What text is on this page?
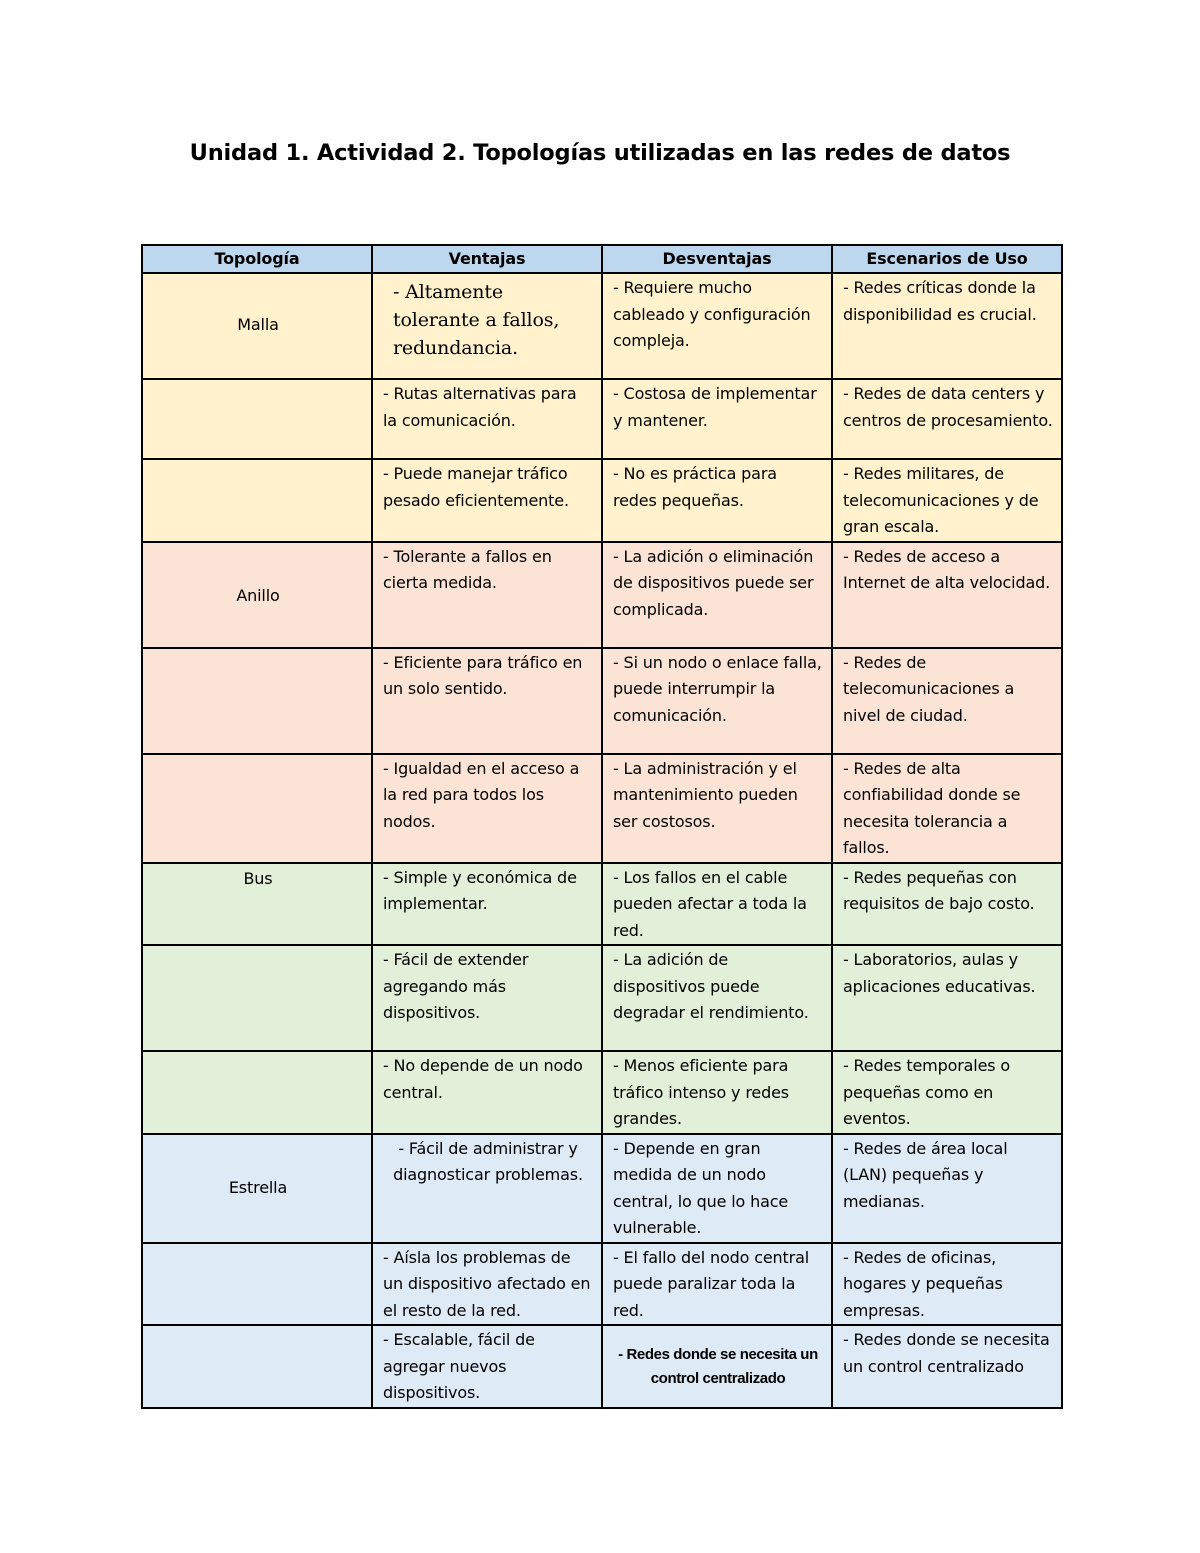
Unidad 1. Actividad 2. Topologías utilizadas en las redes de datos
Topología	Ventajas	Desventajas	Escenarios de Uso
Malla	- Altamente tolerante a fallos, redundancia.	- Requiere mucho cableado y configuración compleja.	- Redes críticas donde la disponibilidad es crucial.
	- Rutas alternativas para la comunicación.	- Costosa de implementar y mantener.	- Redes de data centers y centros de procesamiento.
	- Puede manejar tráfico pesado eficientemente.	- No es práctica para redes pequeñas.	- Redes militares, de telecomunicaciones y de gran escala.
Anillo	- Tolerante a fallos en cierta medida.	- La adición o eliminación de dispositivos puede ser complicada.	- Redes de acceso a Internet de alta velocidad.
	- Eficiente para tráfico en un solo sentido.	- Si un nodo o enlace falla, puede interrumpir la comunicación.	- Redes de telecomunicaciones a nivel de ciudad.
	- Igualdad en el acceso a la red para todos los nodos.	- La administración y el mantenimiento pueden ser costosos.	- Redes de alta confiabilidad donde se necesita tolerancia a fallos.
Bus	- Simple y económica de implementar.	- Los fallos en el cable pueden afectar a toda la red.	- Redes pequeñas con requisitos de bajo costo.
	- Fácil de extender agregando más dispositivos.	- La adición de dispositivos puede degradar el rendimiento.	- Laboratorios, aulas y aplicaciones educativas.
	- No depende de un nodo central.	- Menos eficiente para tráfico intenso y redes grandes.	- Redes temporales o pequeñas como en eventos.
Estrella	- Fácil de administrar y diagnosticar problemas.	- Depende en gran medida de un nodo central, lo que lo hace vulnerable.	- Redes de área local (LAN) pequeñas y medianas.
	- Aísla los problemas de un dispositivo afectado en el resto de la red.	- El fallo del nodo central puede paralizar toda la red.	- Redes de oficinas, hogares y pequeñas empresas.
	- Escalable, fácil de agregar nuevos dispositivos.	- Redes donde se necesita un control centralizado	- Redes donde se necesita un control centralizado
